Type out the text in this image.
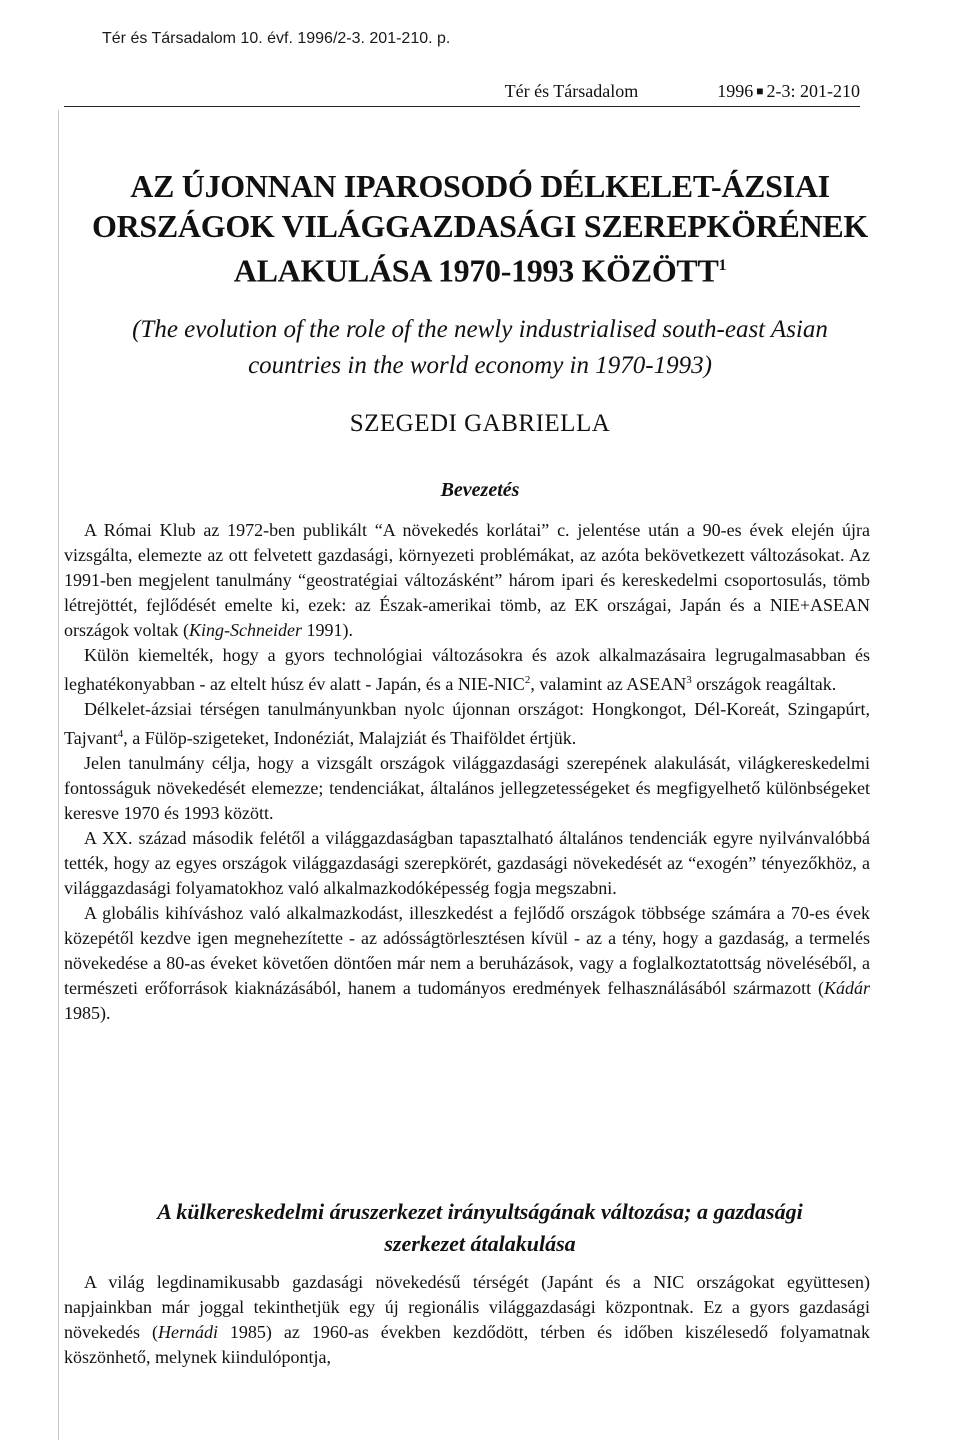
Tér és Társadalom 10. évf. 1996/2-3. 201-210. p.
Tér és Társadalom	1996 ■ 2-3: 201-210
AZ ÚJONNAN IPAROSODÓ DÉLKELET-ÁZSIAI
ORSZÁGOK VILÁGGAZDASÁGI SZEREPKÖRÉNEK
ALAKULÁSA 1970-1993 KÖZÖTT$^1$

(The evolution of the role of the newly industrialised south-east Asian
countries in the world economy in 1970-1993)

SZEGEDI GABRIELLA
Bevezetés

A Római Klub az 1972-ben publikált “A növekedés korlátai” c. jelentése után a 90-es évek elején újra vizsgálta, elemezte az ott felvetett gazdasági, környezeti problémákat, az azóta bekövetkezett változásokat. Az 1991-ben megjelent tanulmány “geostratégiai változásként” három ipari és kereskedelmi csoportosulás, tömb létrejöttét, fejlődését emelte ki, ezek: az Észak-amerikai tömb, az EK országai, Japán és a NIE+ASEAN országok voltak (King-Schneider 1991).

Külön kiemelték, hogy a gyors technológiai változásokra és azok alkalmazásaira legrugalmasabban és leghatékonyabban - az eltelt húsz év alatt - Japán, és a NIE-NIC$^2$, valamint az ASEAN$^3$ országok reagáltak.

Délkelet-ázsiai térségen tanulmányunkban nyolc újonnan országot: Hongkongot, Dél-Koreát, Szingapúrt, Tajvant$^4$, a Fülöp-szigeteket, Indonéziát, Malajziát és Thaiföldet értjük.

Jelen tanulmány célja, hogy a vizsgált országok világgazdasági szerepének alakulását, világkereskedelmi fontosságuk növekedését elemezze; tendenciákat, általános jellegzetességeket és megfigyelhető különbségeket keresve 1970 és 1993 között.

A XX. század második felétől a világgazdaságban tapasztalható általános tendenciák egyre nyilvánvalóbbá tették, hogy az egyes országok világgazdasági szerepkörét, gazdasági növekedését az “exogén” tényezőkhöz, a világgazdasági folyamatokhoz való alkalmazkodóképesség fogja megszabni.

A globális kihíváshoz való alkalmazkodást, illeszkedést a fejlődő országok többsége számára a 70-es évek közepétől kezdve igen megnehezítette - az adósságtörlesztésen kívül - az a tény, hogy a gazdaság, a termelés növekedése a 80-as éveket követően döntően már nem a beruházások, vagy a foglalkoztatottság növeléséből, a természeti erőforrások kiaknázásából, hanem a tudományos eredmények felhasználásából származott (Kádár 1985).

A külkereskedelmi áruszerkezet irányultságának változása; a gazdasági
szerkezet átalakulása

A világ legdinamikusabb gazdasági növekedésű térségét (Japánt és a NIC országokat együttesen) napjainkban már joggal tekinthetjük egy új regionális világgazdasági központnak. Ez a gyors gazdasági növekedés (Hernádi 1985) az 1960-as években kezdődött, térben és időben kiszélesedő folyamatnak köszönhető, melynek kiindulópontja,
